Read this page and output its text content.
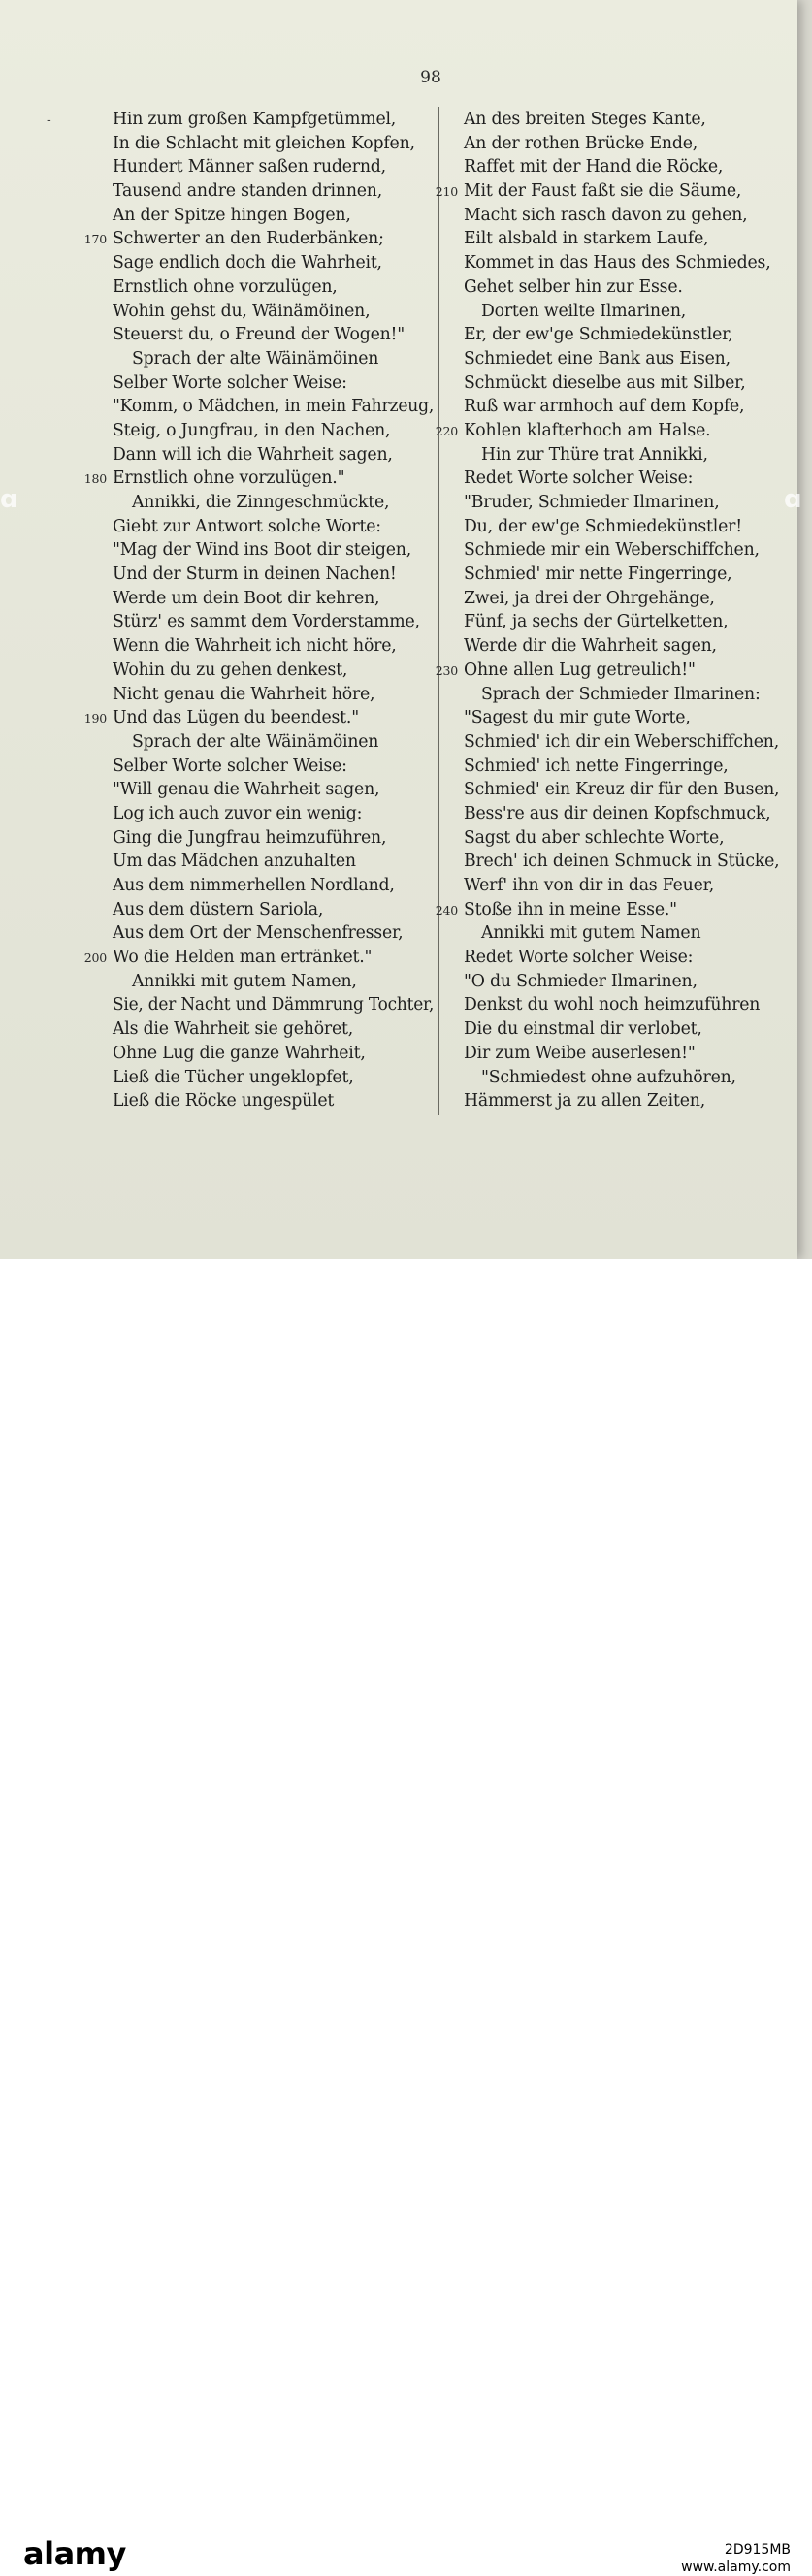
98
Hin zum großen Kampfgetümmel,
In die Schlacht mit gleichen Kopfen,
Hundert Männer saßen rudernd,
Tausend andre standen drinnen,
An der Spitze hingen Bogen,
170 Schwerter an den Ruderbänken;
Sage endlich doch die Wahrheit,
Ernstlich ohne vorzulügen,
Wohin gehst du, Wäinämöinen,
Steuerst du, o Freund der Wogen!"
Sprach der alte Wäinämöinen
Selber Worte solcher Weise:
"Komm, o Mädchen, in mein Fahrzeug,
Steig, o Jungfrau, in den Nachen,
Dann will ich die Wahrheit sagen,
180 Ernstlich ohne vorzulügen."
Annikki, die Zinngeschmückte,
Giebt zur Antwort solche Worte:
"Mag der Wind ins Boot dir steigen,
Und der Sturm in deinen Nachen!
Werde um dein Boot dir kehren,
Stürz' es sammt dem Vorderstamme,
Wenn die Wahrheit ich nicht höre,
Wohin du zu gehen denkest,
Nicht genau die Wahrheit höre,
190 Und das Lügen du beendest."
Sprach der alte Wäinämöinen
Selber Worte solcher Weise:
"Will genau die Wahrheit sagen,
Log ich auch zuvor ein wenig:
Ging die Jungfrau heimzuführen,
Um das Mädchen anzuhalten
Aus dem nimmerhellen Nordland,
Aus dem düstern Sariola,
Aus dem Ort der Menschenfresser,
200 Wo die Helden man ertränket."
Annikki mit gutem Namen,
Sie, der Nacht und Dämmrung Tochter,
Als die Wahrheit sie gehöret,
Ohne Lug die ganze Wahrheit,
Ließ die Tücher ungeklopfet,
Ließ die Röcke ungespület
An des breiten Steges Kante,
An der rothen Brücke Ende,
Raffet mit der Hand die Röcke,
210 Mit der Faust faßt sie die Säume,
Macht sich rasch davon zu gehen,
Eilt alsbald in starkem Laufe,
Kommet in das Haus des Schmiedes,
Gehet selber hin zur Esse.
Dorten weilte Ilmarinen,
Er, der ew'ge Schmiedekünstler,
Schmiedet eine Bank aus Eisen,
Schmückt dieselbe aus mit Silber,
Ruß war armhoch auf dem Kopfe,
220 Kohlen klafterhoch am Halse.
Hin zur Thüre trat Annikki,
Redet Worte solcher Weise:
"Bruder, Schmieder Ilmarinen,
Du, der ew'ge Schmiedekünstler!
Schmiede mir ein Weberschiffchen,
Schmied' mir nette Fingerringe,
Zwei, ja drei der Ohrgehänge,
Fünf, ja sechs der Gürtelketten,
Werde dir die Wahrheit sagen,
230 Ohne allen Lug getreulich!"
Sprach der Schmieder Ilmarinen:
"Sagest du mir gute Worte,
Schmied' ich dir ein Weberschiffchen,
Schmied' ich nette Fingerringe,
Schmied' ein Kreuz dir für den Busen,
Bess're aus dir deinen Kopfschmuck,
Sagst du aber schlechte Worte,
Brech' ich deinen Schmuck in Stücke,
Werf' ihn von dir in das Feuer,
240 Stoße ihn in meine Esse."
Annikki mit gutem Namen
Redet Worte solcher Weise:
"O du Schmieder Ilmarinen,
Denkst du wohl noch heimzuführen
Die du einstmal dir verlobet,
Dir zum Weibe auserlesen!"
"Schmiedest ohne aufzuhören,
Hämmerst ja zu allen Zeiten,
-
ɑ	ɑ
alamy	2D915MB
www.alamy.com
